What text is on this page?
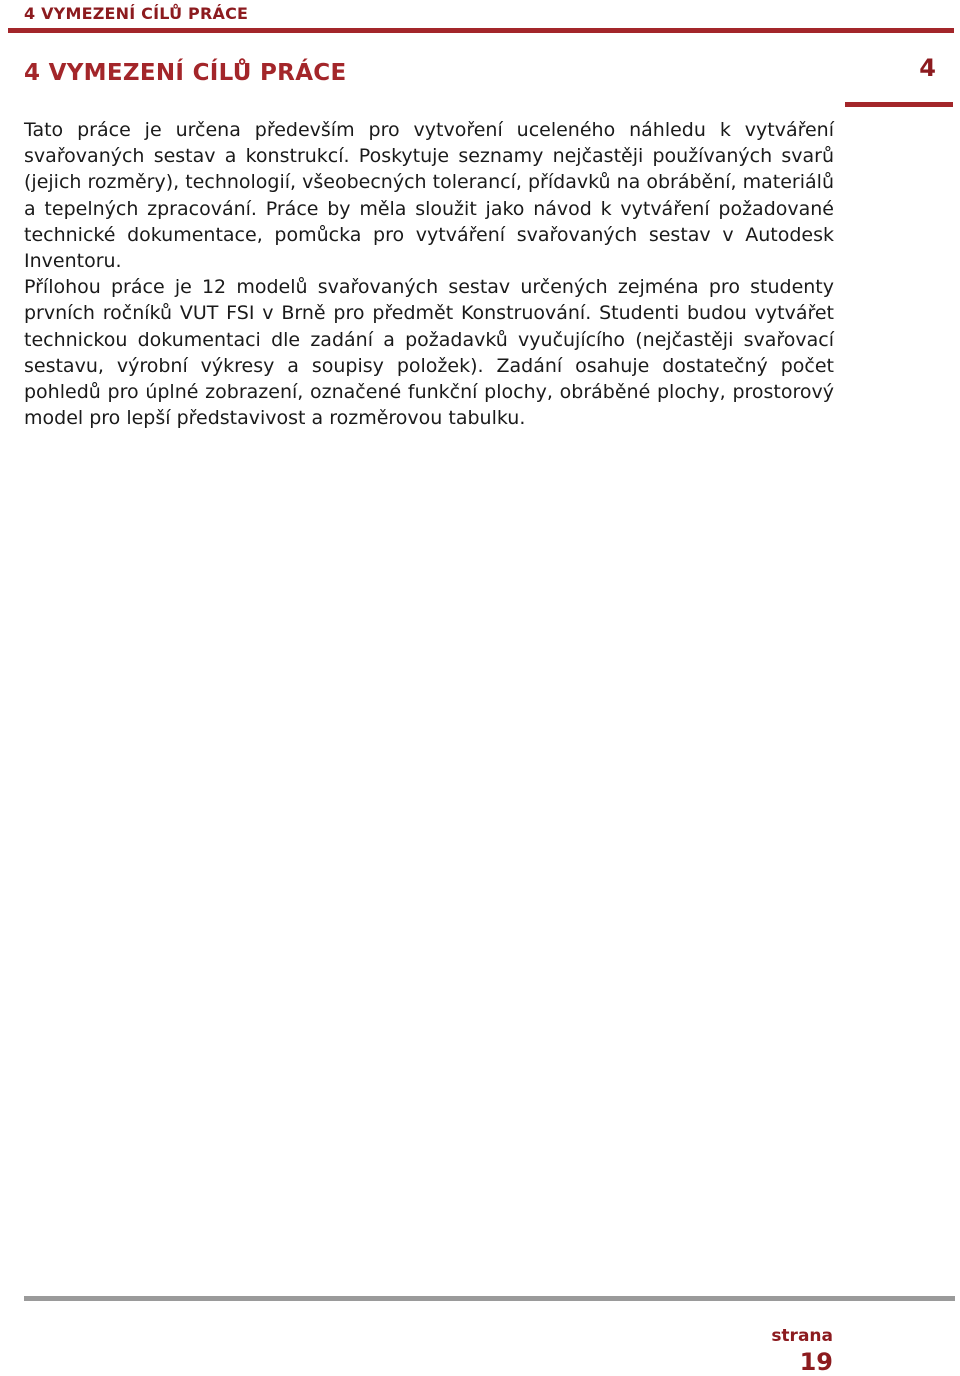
4 VYMEZENÍ CÍLŮ PRÁCE
4
4 VYMEZENÍ CÍLŮ PRÁCE

Tato práce je určena především pro vytvoření uceleného náhledu k vytváření svařovaných sestav a konstrukcí. Poskytuje seznamy nejčastěji používaných svarů (jejich rozměry), technologií, všeobecných tolerancí, přídavků na obrábění, materiálů a tepelných zpracování. Práce by měla sloužit jako návod k vytváření požadované technické dokumentace, pomůcka pro vytváření svařovaných sestav v Autodesk Inventoru.

Přílohou práce je 12 modelů svařovaných sestav určených zejména pro studenty prvních ročníků VUT FSI v Brně pro předmět Konstruování. Studenti budou vytvářet technickou dokumentaci dle zadání a požadavků vyučujícího (nejčastěji svařovací sestavu, výrobní výkresy a soupisy položek). Zadání osahuje dostatečný počet pohledů pro úplné zobrazení, označené funkční plochy, obráběné plochy, prostorový model pro lepší představivost a rozměrovou tabulku.

strana
19
